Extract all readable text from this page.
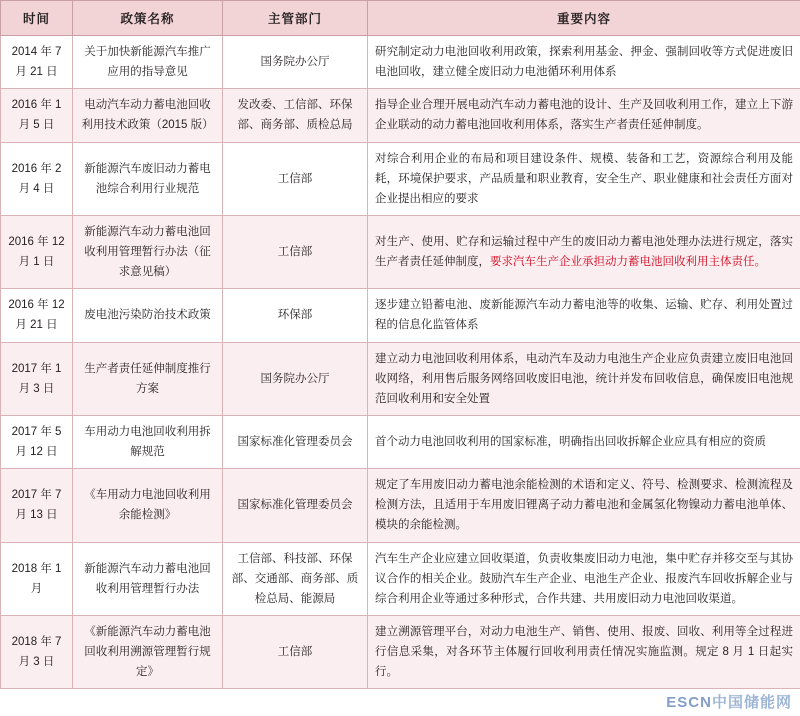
时间	政策名称	主管部门	重要内容
2014 年 7 月 21 日	关于加快新能源汽车推广应用的指导意见	国务院办公厅	研究制定动力电池回收利用政策，探索利用基金、押金、强制回收等方式促进废旧电池回收，建立健全废旧动力电池循环利用体系
2016 年 1 月 5 日	电动汽车动力蓄电池回收利用技术政策（2015 版）	发改委、工信部、环保部、商务部、质检总局	指导企业合理开展电动汽车动力蓄电池的设计、生产及回收利用工作，建立上下游企业联动的动力蓄电池回收利用体系，落实生产者责任延伸制度。
2016 年 2 月 4 日	新能源汽车废旧动力蓄电池综合利用行业规范	工信部	对综合利用企业的布局和项目建设条件、规模、装备和工艺，资源综合利用及能耗，环境保护要求，产品质量和职业教育，安全生产、职业健康和社会责任方面对企业提出相应的要求
2016 年 12 月 1 日	新能源汽车动力蓄电池回收利用管理暂行办法（征求意见稿）	工信部	对生产、使用、贮存和运输过程中产生的废旧动力蓄电池处理办法进行规定，落实生产者责任延伸制度，要求汽车生产企业承担动力蓄电池回收利用主体责任。
2016 年 12 月 21 日	废电池污染防治技术政策	环保部	逐步建立铅蓄电池、废新能源汽车动力蓄电池等的收集、运输、贮存、利用处置过程的信息化监管体系
2017 年 1 月 3 日	生产者责任延伸制度推行方案	国务院办公厅	建立动力电池回收利用体系，电动汽车及动力电池生产企业应负责建立废旧电池回收网络，利用售后服务网络回收废旧电池，统计并发布回收信息，确保废旧电池规范回收利用和安全处置
2017 年 5 月 12 日	车用动力电池回收利用拆解规范	国家标准化管理委员会	首个动力电池回收利用的国家标准，明确指出回收拆解企业应具有相应的资质
2017 年 7 月 13 日	《车用动力电池回收利用 余能检测》	国家标准化管理委员会	规定了车用废旧动力蓄电池余能检测的术语和定义、符号、检测要求、检测流程及检测方法，且适用于车用废旧锂离子动力蓄电池和金属氢化物镍动力蓄电池单体、模块的余能检测。
2018 年 1 月	新能源汽车动力蓄电池回收利用管理暂行办法	工信部、科技部、环保部、交通部、商务部、质检总局、能源局	汽车生产企业应建立回收渠道，负责收集废旧动力电池，集中贮存并移交至与其协议合作的相关企业。鼓励汽车生产企业、电池生产企业、报废汽车回收拆解企业与综合利用企业等通过多种形式，合作共建、共用废旧动力电池回收渠道。
2018 年 7 月 3 日	《新能源汽车动力蓄电池回收利用溯源管理暂行规定》	工信部	建立溯源管理平台，对动力电池生产、销售、使用、报废、回收、利用等全过程进行信息采集，对各环节主体履行回收利用责任情况实施监测。规定 8 月 1 日起实行。
ESCN中国储能网
